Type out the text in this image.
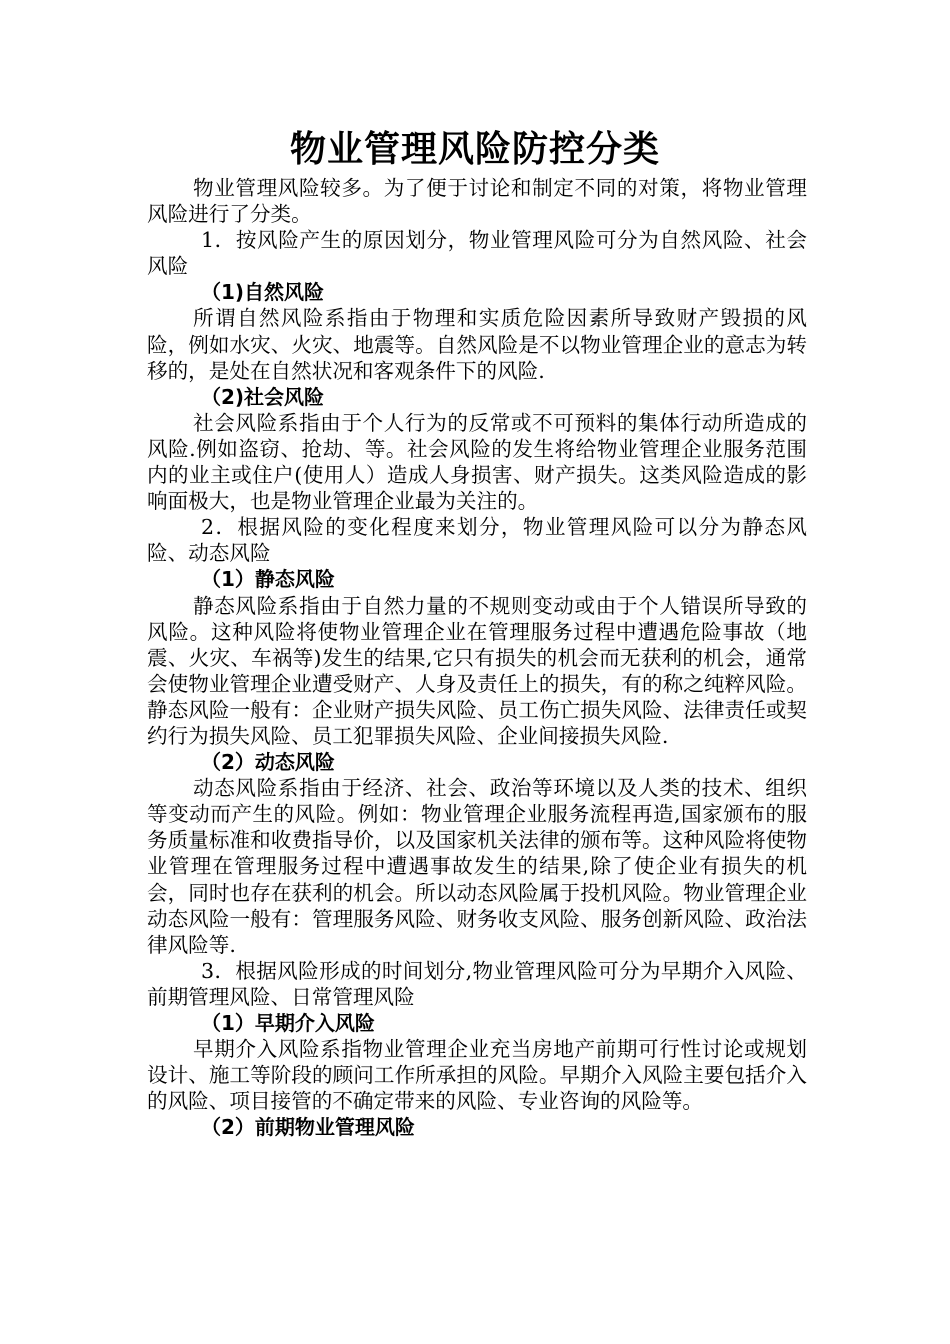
物业管理风险防控分类

物业管理风险较多。为了便于讨论和制定不同的对策，将物业管理风险进行了分类。

1．按风险产生的原因划分，物业管理风险可分为自然风险、社会风险

（1)自然风险

所谓自然风险系指由于物理和实质危险因素所导致财产毁损的风险，例如水灾、火灾、地震等。自然风险是不以物业管理企业的意志为转移的，是处在自然状况和客观条件下的风险.

（2)社会风险

社会风险系指由于个人行为的反常或不可预料的集体行动所造成的风险.例如盗窃、抢劫、等。社会风险的发生将给物业管理企业服务范围内的业主或住户(使用人）造成人身损害、财产损失。这类风险造成的影响面极大，也是物业管理企业最为关注的。

2．根据风险的变化程度来划分，物业管理风险可以分为静态风险、动态风险

（1）静态风险

静态风险系指由于自然力量的不规则变动或由于个人错误所导致的风险。这种风险将使物业管理企业在管理服务过程中遭遇危险事故（地震、火灾、车祸等)发生的结果,它只有损失的机会而无获利的机会，通常会使物业管理企业遭受财产、人身及责任上的损失，有的称之纯粹风险。静态风险一般有：企业财产损失风险、员工伤亡损失风险、法律责任或契约行为损失风险、员工犯罪损失风险、企业间接损失风险.

（2）动态风险

动态风险系指由于经济、社会、政治等环境以及人类的技术、组织等变动而产生的风险。例如：物业管理企业服务流程再造,国家颁布的服务质量标准和收费指导价，以及国家机关法律的颁布等。这种风险将使物业管理在管理服务过程中遭遇事故发生的结果,除了使企业有损失的机会，同时也存在获利的机会。所以动态风险属于投机风险。物业管理企业动态风险一般有：管理服务风险、财务收支风险、服务创新风险、政治法律风险等.

3．根据风险形成的时间划分,物业管理风险可分为早期介入风险、前期管理风险、日常管理风险

（1）早期介入风险

早期介入风险系指物业管理企业充当房地产前期可行性讨论或规划设计、施工等阶段的顾问工作所承担的风险。早期介入风险主要包括介入的风险、项目接管的不确定带来的风险、专业咨询的风险等。

（2）前期物业管理风险
